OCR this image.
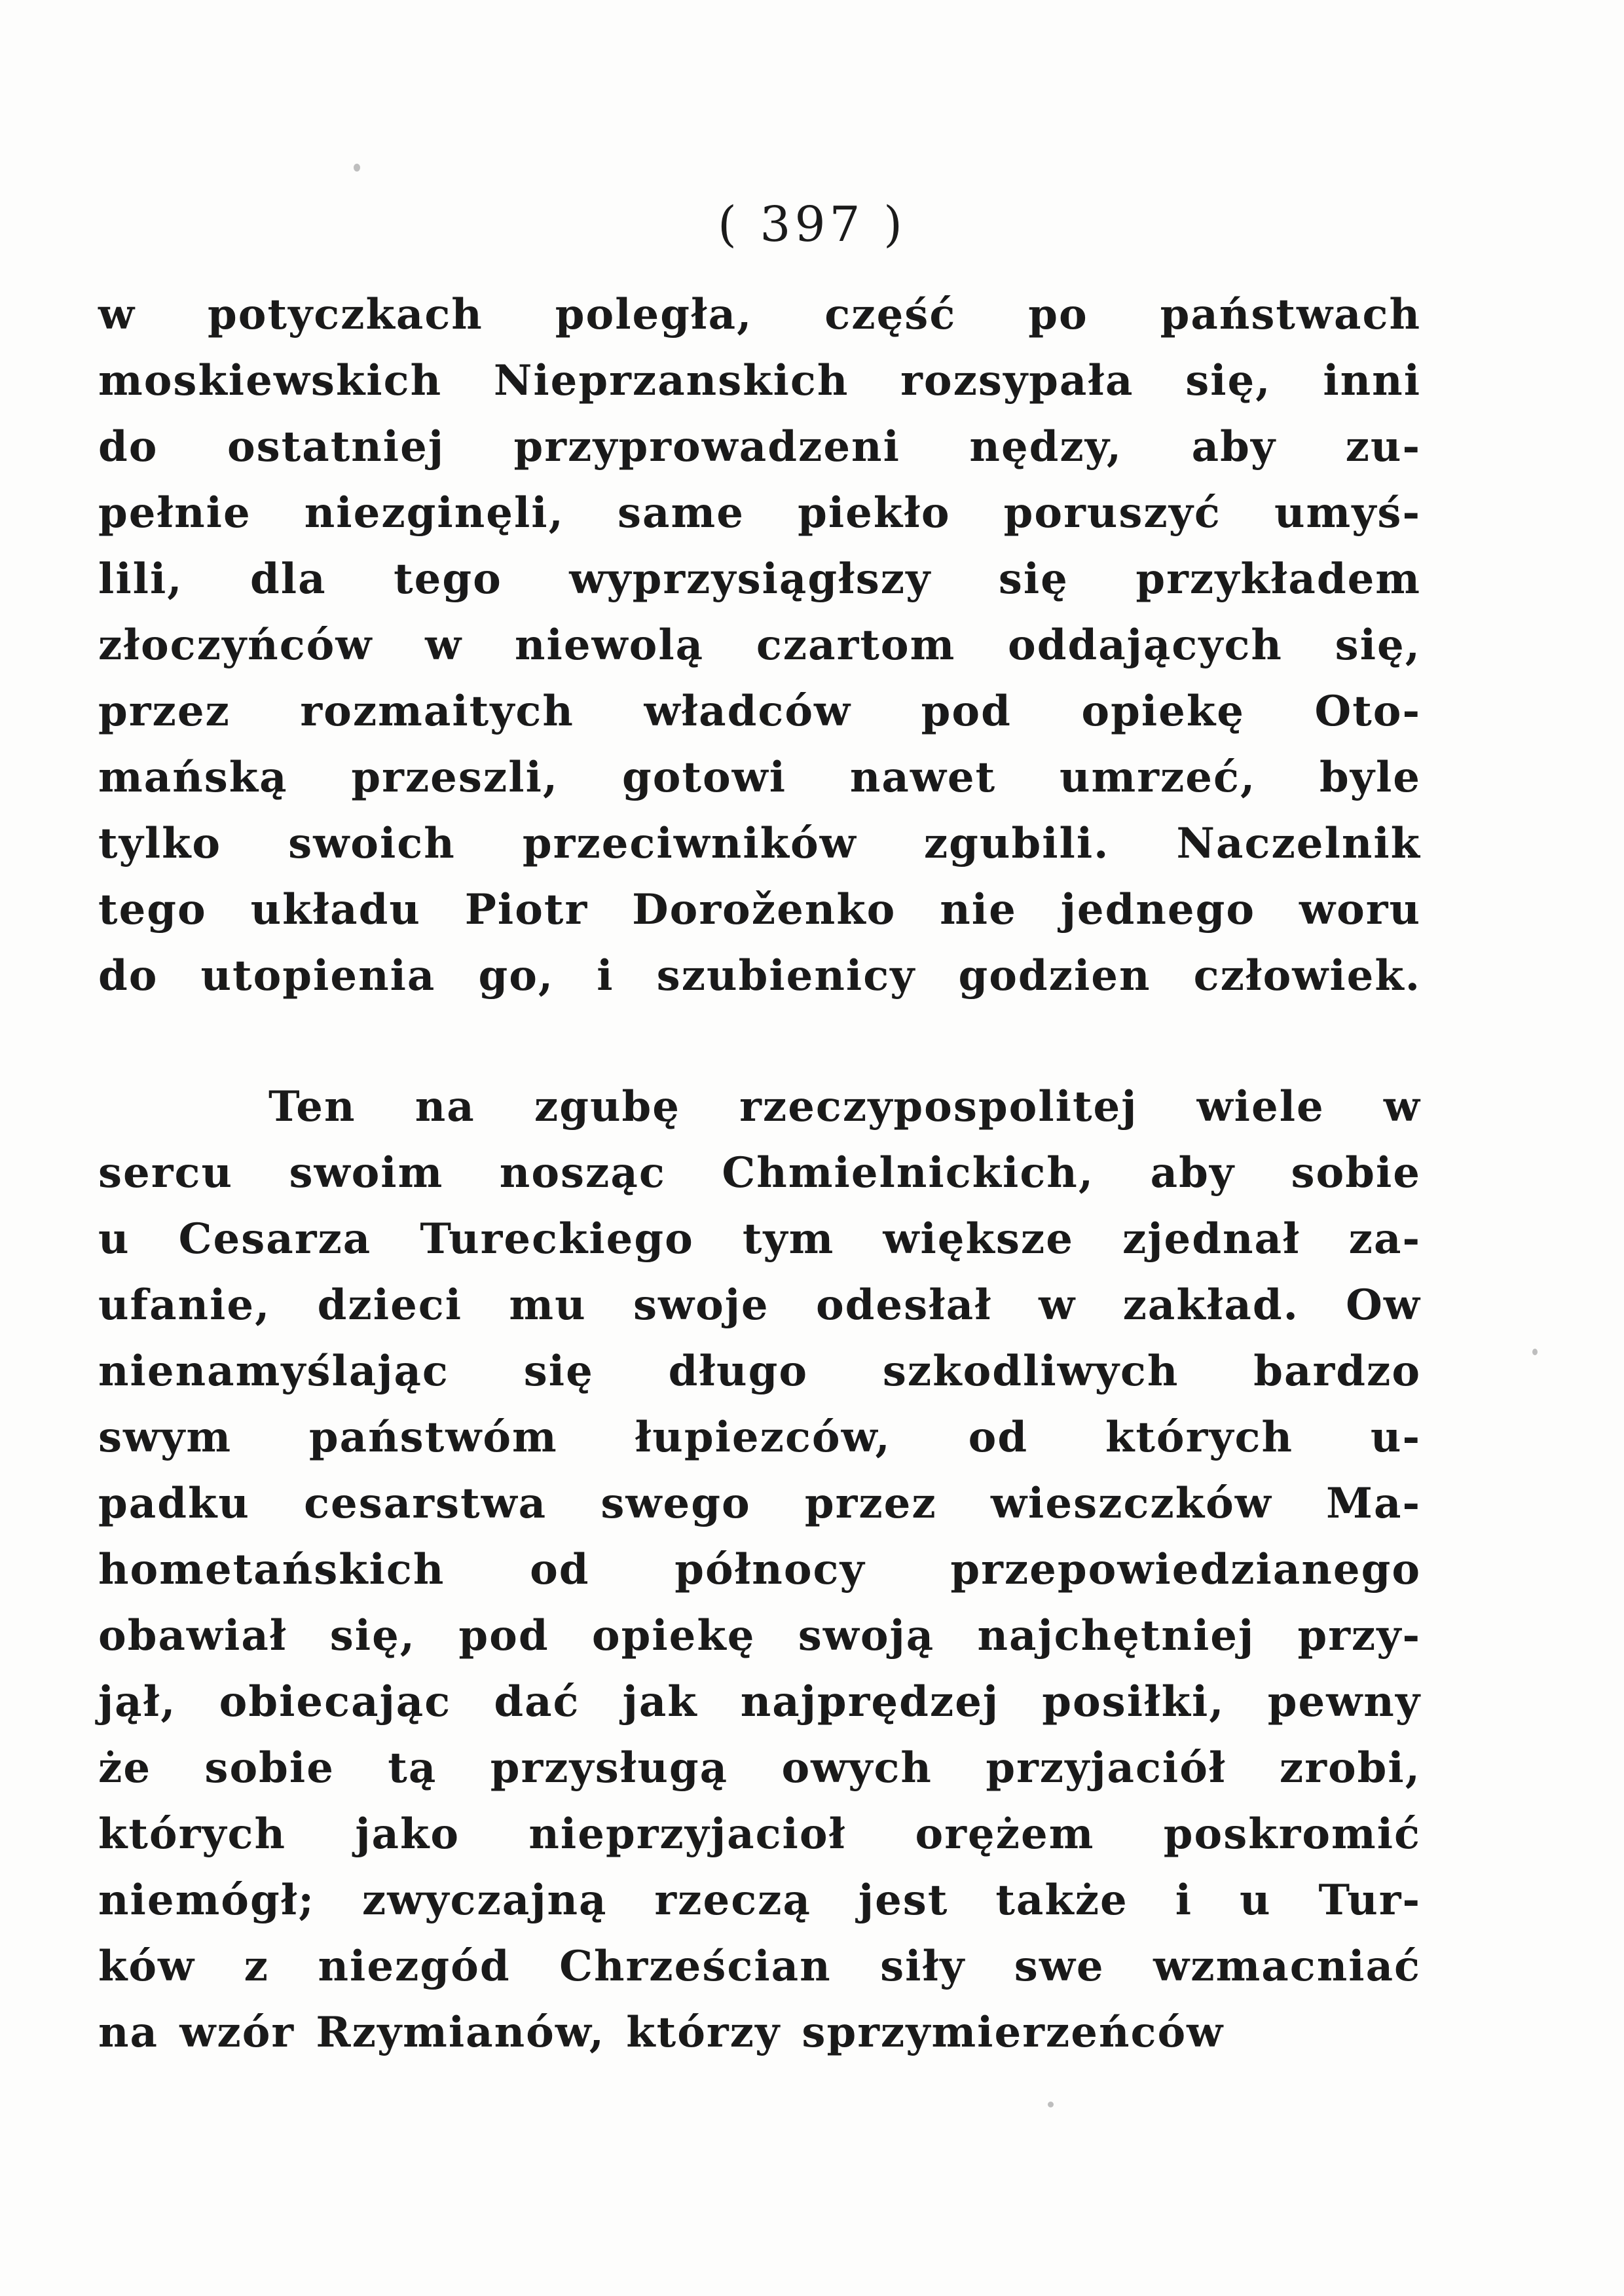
( 397 )
w potyczkach poległa, część po państwach
moskiewskich Nieprzanskich rozsypała się, inni
do ostatniej przyprowadzeni nędzy, aby zu-
pełnie niezginęli, same piekło poruszyć umyś-
lili, dla tego wyprzysiągłszy się przykładem
złoczyńców w niewolą czartom oddających się,
przez rozmaitych władców pod opiekę Oto-
mańską przeszli, gotowi nawet umrzeć, byle
tylko swoich przeciwników zgubili. Naczelnik
tego układu Piotr Doroženko nie jednego woru
do utopienia go, i szubienicy godzien człowiek.
Ten na zgubę rzeczypospolitej wiele w
sercu swoim nosząc Chmielnickich, aby sobie
u Cesarza Tureckiego tym większe zjednał za-
ufanie, dzieci mu swoje odesłał w zakład. Ow
nienamyślając się długo szkodliwych bardzo
swym państwóm łupiezców, od których u-
padku cesarstwa swego przez wieszczków Ma-
hometańskich od północy przepowiedzianego
obawiał się, pod opiekę swoją najchętniej przy-
jął, obiecając dać jak najprędzej posiłki, pewny
że sobie tą przysługą owych przyjaciół zrobi,
których jako nieprzyjacioł orężem poskromić
niemógł; zwyczajną rzeczą jest także i u Tur-
ków z niezgód Chrześcian siły swe wzmacniać
na wzór Rzymianów, którzy sprzymierzeńców
